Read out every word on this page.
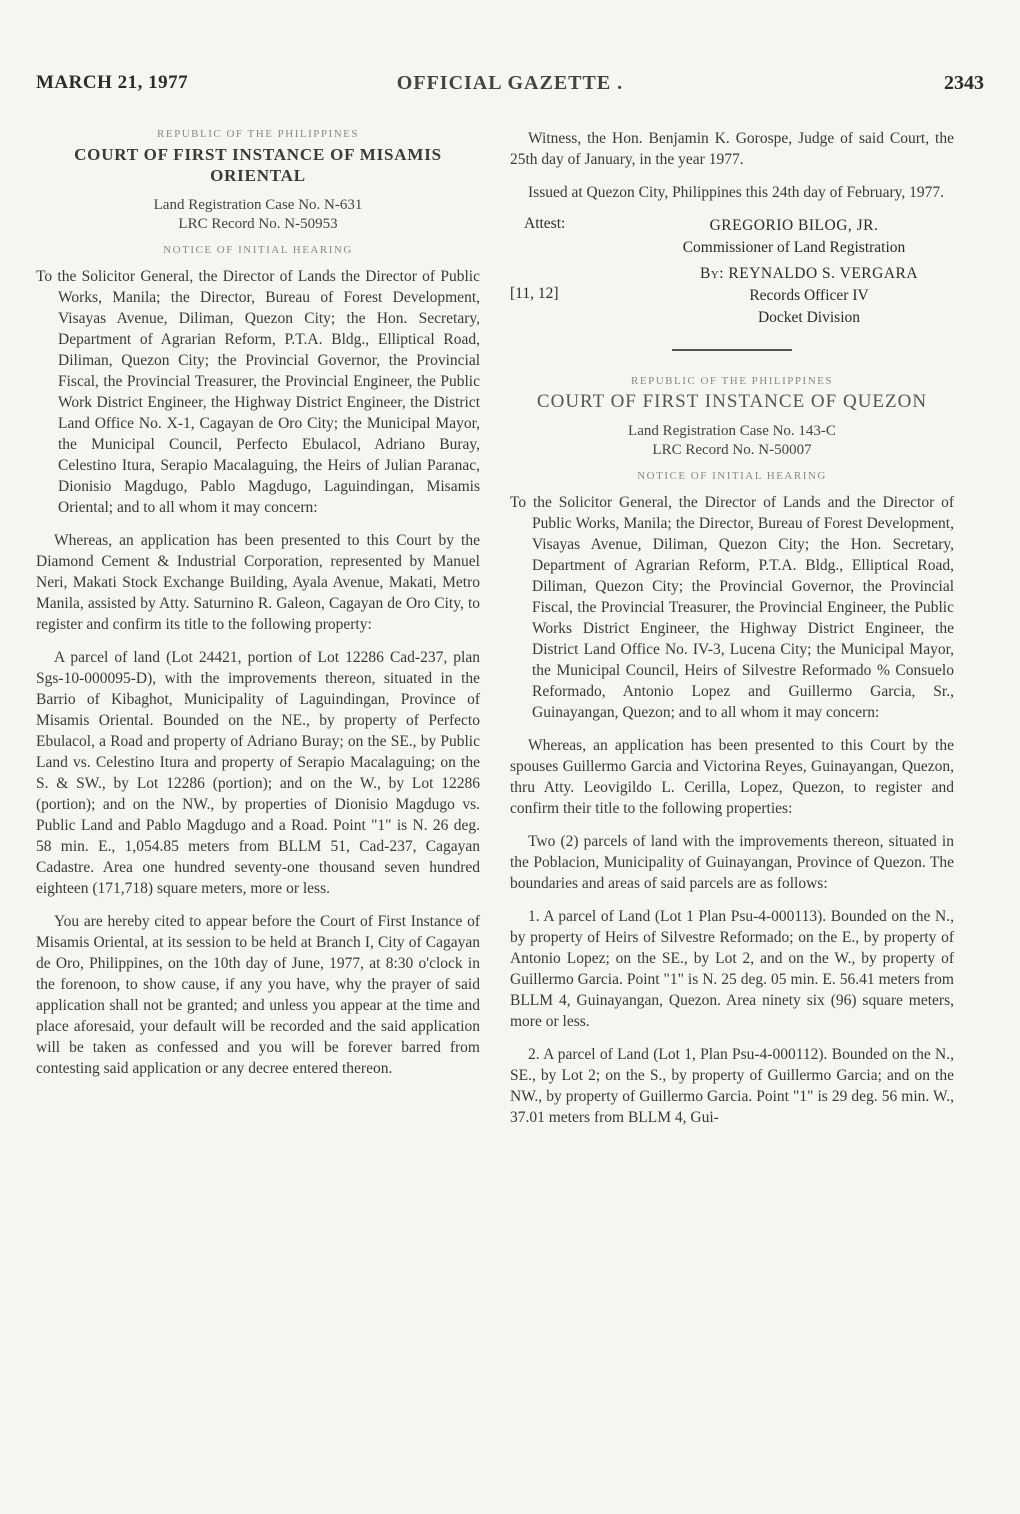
MARCH 21, 1977	OFFICIAL GAZETTE .	2343

REPUBLIC OF THE PHILIPPINES

COURT OF FIRST INSTANCE OF MISAMIS ORIENTAL

Land Registration Case No. N-631

LRC Record No. N-50953

NOTICE OF INITIAL HEARING

To the Solicitor General, the Director of Lands the Director of Public Works, Manila; the Director, Bureau of Forest Development, Visayas Avenue, Diliman, Quezon City; the Hon. Secretary, Department of Agrarian Reform, P.T.A. Bldg., Elliptical Road, Diliman, Quezon City; the Provincial Governor, the Provincial Fiscal, the Provincial Treasurer, the Provincial Engineer, the Public Work District Engineer, the Highway District Engineer, the District Land Office No. X-1, Cagayan de Oro City; the Municipal Mayor, the Municipal Council, Perfecto Ebulacol, Adriano Buray, Celestino Itura, Serapio Macalaguing, the Heirs of Julian Paranac, Dionisio Magdugo, Pablo Magdugo, Laguindingan, Misamis Oriental; and to all whom it may concern:

Whereas, an application has been presented to this Court by the Diamond Cement & Industrial Corporation, represented by Manuel Neri, Makati Stock Exchange Building, Ayala Avenue, Makati, Metro Manila, assisted by Atty. Saturnino R. Galeon, Cagayan de Oro City, to register and confirm its title to the following property:

A parcel of land (Lot 24421, portion of Lot 12286 Cad-237, plan Sgs-10-000095-D), with the improvements thereon, situated in the Barrio of Kibaghot, Municipality of Laguindingan, Province of Misamis Oriental. Bounded on the NE., by property of Perfecto Ebulacol, a Road and property of Adriano Buray; on the SE., by Public Land vs. Celestino Itura and property of Serapio Macalaguing; on the S. & SW., by Lot 12286 (portion); and on the W., by Lot 12286 (portion); and on the NW., by properties of Dionisio Magdugo vs. Public Land and Pablo Magdugo and a Road. Point "1" is N. 26 deg. 58 min. E., 1,054.85 meters from BLLM 51, Cad-237, Cagayan Cadastre. Area one hundred seventy-one thousand seven hundred eighteen (171,718) square meters, more or less.

You are hereby cited to appear before the Court of First Instance of Misamis Oriental, at its session to be held at Branch I, City of Cagayan de Oro, Philippines, on the 10th day of June, 1977, at 8:30 o'clock in the forenoon, to show cause, if any you have, why the prayer of said application shall not be granted; and unless you appear at the time and place aforesaid, your default will be recorded and the said application will be taken as confessed and you will be forever barred from contesting said application or any decree entered thereon.

Witness, the Hon. Benjamin K. Gorospe, Judge of said Court, the 25th day of January, in the year 1977.

Issued at Quezon City, Philippines this 24th day of February, 1977.

Attest:	GREGORIO BILOG, JR.
Commissioner of Land Registration
[11, 12]
By: REYNALDO S. VERGARA
Records Officer IV
Docket Division

REPUBLIC OF THE PHILIPPINES

COURT OF FIRST INSTANCE OF QUEZON

Land Registration Case No. 143-C

LRC Record No. N-50007

NOTICE OF INITIAL HEARING

To the Solicitor General, the Director of Lands and the Director of Public Works, Manila; the Director, Bureau of Forest Development, Visayas Avenue, Diliman, Quezon City; the Hon. Secretary, Department of Agrarian Reform, P.T.A. Bldg., Elliptical Road, Diliman, Quezon City; the Provincial Governor, the Provincial Fiscal, the Provincial Treasurer, the Provincial Engineer, the Public Works District Engineer, the Highway District Engineer, the District Land Office No. IV-3, Lucena City; the Municipal Mayor, the Municipal Council, Heirs of Silvestre Reformado % Consuelo Reformado, Antonio Lopez and Guillermo Garcia, Sr., Guinayangan, Quezon; and to all whom it may concern:

Whereas, an application has been presented to this Court by the spouses Guillermo Garcia and Victorina Reyes, Guinayangan, Quezon, thru Atty. Leovigildo L. Cerilla, Lopez, Quezon, to register and confirm their title to the following properties:

Two (2) parcels of land with the improvements thereon, situated in the Poblacion, Municipality of Guinayangan, Province of Quezon. The boundaries and areas of said parcels are as follows:

1. A parcel of Land (Lot 1 Plan Psu-4-000113). Bounded on the N., by property of Heirs of Silvestre Reformado; on the E., by property of Antonio Lopez; on the SE., by Lot 2, and on the W., by property of Guillermo Garcia. Point "1" is N. 25 deg. 05 min. E. 56.41 meters from BLLM 4, Guinayangan, Quezon. Area ninety six (96) square meters, more or less.

2. A parcel of Land (Lot 1, Plan Psu-4-000112). Bounded on the N., SE., by Lot 2; on the S., by property of Guillermo Garcia; and on the NW., by property of Guillermo Garcia. Point "1" is 29 deg. 56 min. W., 37.01 meters from BLLM 4, Gui-
